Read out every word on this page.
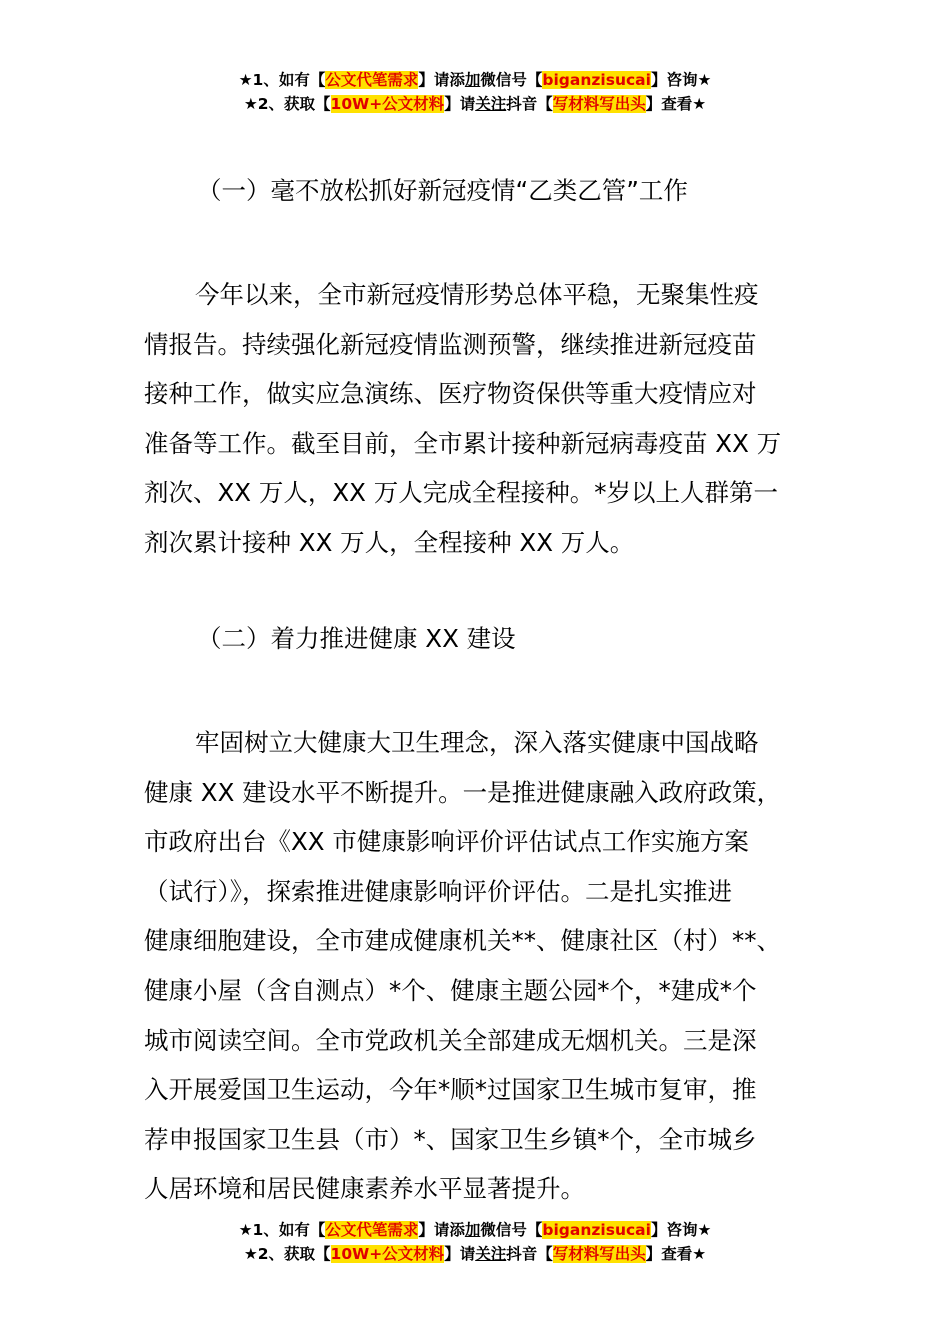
★1、如有【公文代笔需求】请添加微信号【biganzisucai】咨询★
★2、获取【10W+公文材料】请关注抖音【写材料写出头】查看★
（一）毫不放松抓好新冠疫情“乙类乙管”工作
今年以来，全市新冠疫情形势总体平稳，无聚集性疫
情报告。持续强化新冠疫情监测预警，继续推进新冠疫苗
接种工作，做实应急演练、医疗物资保供等重大疫情应对
准备等工作。截至目前，全市累计接种新冠病毒疫苗 XX 万
剂次、XX 万人，XX 万人完成全程接种。*岁以上人群第一
剂次累计接种 XX 万人，全程接种 XX 万人。
（二）着力推进健康 XX 建设
牢固树立大健康大卫生理念，深入落实健康中国战略
健康 XX 建设水平不断提升。一是推进健康融入政府政策，
市政府出台《XX 市健康影响评价评估试点工作实施方案
（试行）》，探索推进健康影响评价评估。二是扎实推进
健康细胞建设，全市建成健康机关**、健康社区（村）**、
健康小屋（含自测点）*个、健康主题公园*个，*建成*个
城市阅读空间。全市党政机关全部建成无烟机关。三是深
入开展爱国卫生运动，今年*顺*过国家卫生城市复审，推
荐申报国家卫生县（市）*、国家卫生乡镇*个，全市城乡
人居环境和居民健康素养水平显著提升。
★1、如有【公文代笔需求】请添加微信号【biganzisucai】咨询★
★2、获取【10W+公文材料】请关注抖音【写材料写出头】查看★
